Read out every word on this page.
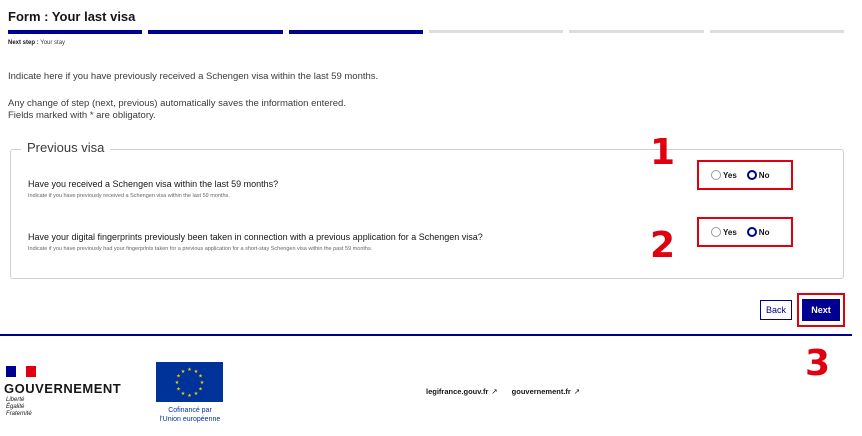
Form : Your last visa
Next step : Your stay
Indicate here if you have previously received a Schengen visa within the last 59 months.
Any change of step (next, previous) automatically saves the information entered.
Fields marked with * are obligatory.
Previous visa
Have you received a Schengen visa within the last 59 months?
Indicate if you have previously received a Schengen visa within the last 59 months.
Yes	No
Have your digital fingerprints previously been taken in connection with a previous application for a Schengen visa?
Indicate if you have previously had your fingerprints taken for a previous application for a short-stay Schengen visa within the past 59 months.
Yes	No
1
2
3
Back	Next
GOUVERNEMENT
Liberté
Égalité
Fraternité
★ ★
★
★
★
★
★
★
★
★
★
★
Cofinancé par
l'Union européenne
legifrance.gouv.fr ↗ gouvernement.fr ↗
